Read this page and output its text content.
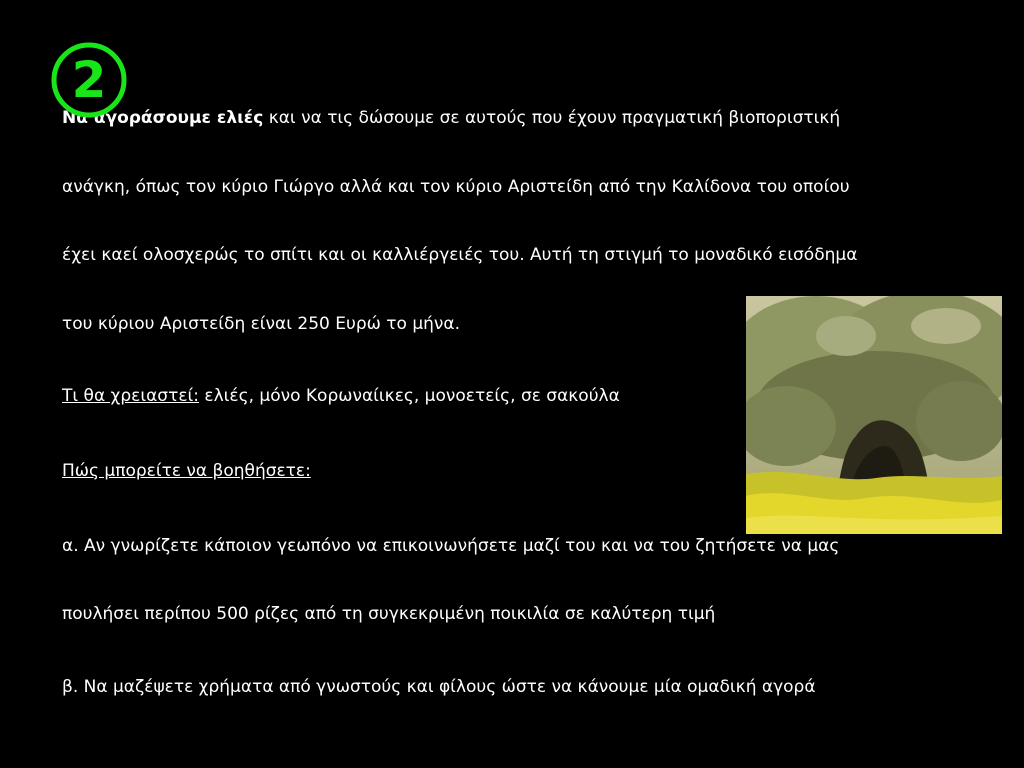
2
Να αγοράσουμε ελιές και να τις δώσουμε σε αυτούς που έχουν πραγματική βιοποριστική
ανάγκη, όπως τον κύριο Γιώργο αλλά και τον κύριο Αριστείδη από την Καλίδονα του οποίου
έχει καεί ολοσχερώς το σπίτι και οι καλλιέργειές του. Αυτή τη στιγμή το μοναδικό εισόδημα
του κύριου Αριστείδη είναι 250 Ευρώ το μήνα.
Τι θα χρειαστεί: ελιές, μόνο Κορωναίικες, μονοετείς, σε σακούλα
Πώς μπορείτε να βοηθήσετε:
α. Αν γνωρίζετε κάποιον γεωπόνο να επικοινωνήσετε μαζί του και να του ζητήσετε να μας
πουλήσει περίπου 500 ρίζες από τη συγκεκριμένη ποικιλία σε καλύτερη τιμή
β. Να μαζέψετε χρήματα από γνωστούς και φίλους ώστε να κάνουμε μία ομαδική αγορά
